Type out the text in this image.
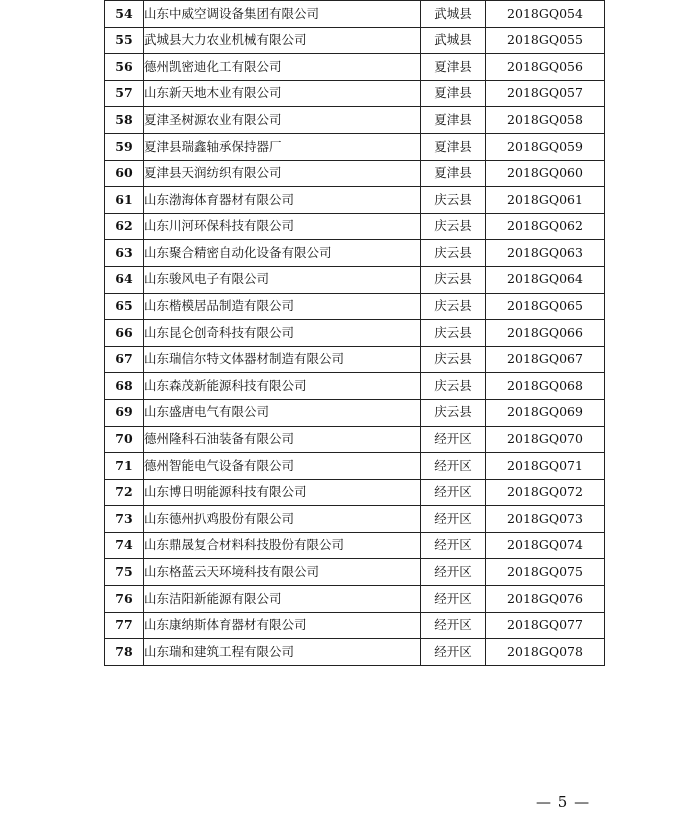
54	山东中威空调设备集团有限公司	武城县	2018GQ054
55	武城县大力农业机械有限公司	武城县	2018GQ055
56	德州凯密迪化工有限公司	夏津县	2018GQ056
57	山东新天地木业有限公司	夏津县	2018GQ057
58	夏津圣树源农业有限公司	夏津县	2018GQ058
59	夏津县瑞鑫轴承保持器厂	夏津县	2018GQ059
60	夏津县天润纺织有限公司	夏津县	2018GQ060
61	山东渤海体育器材有限公司	庆云县	2018GQ061
62	山东川河环保科技有限公司	庆云县	2018GQ062
63	山东聚合精密自动化设备有限公司	庆云县	2018GQ063
64	山东骏风电子有限公司	庆云县	2018GQ064
65	山东楷模居品制造有限公司	庆云县	2018GQ065
66	山东昆仑创奇科技有限公司	庆云县	2018GQ066
67	山东瑞信尔特文体器材制造有限公司	庆云县	2018GQ067
68	山东森茂新能源科技有限公司	庆云县	2018GQ068
69	山东盛唐电气有限公司	庆云县	2018GQ069
70	德州隆科石油装备有限公司	经开区	2018GQ070
71	德州智能电气设备有限公司	经开区	2018GQ071
72	山东博日明能源科技有限公司	经开区	2018GQ072
73	山东德州扒鸡股份有限公司	经开区	2018GQ073
74	山东鼎晟复合材料科技股份有限公司	经开区	2018GQ074
75	山东格蓝云天环境科技有限公司	经开区	2018GQ075
76	山东洁阳新能源有限公司	经开区	2018GQ076
77	山东康纳斯体育器材有限公司	经开区	2018GQ077
78	山东瑞和建筑工程有限公司	经开区	2018GQ078
— 5 —
